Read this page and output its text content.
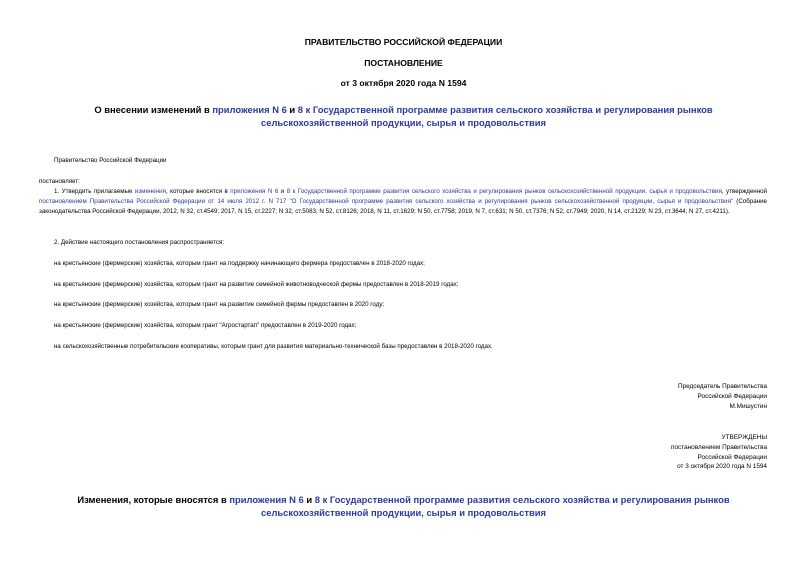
ПРАВИТЕЛЬСТВО РОССИЙСКОЙ ФЕДЕРАЦИИ
ПОСТАНОВЛЕНИЕ
от 3 октября 2020 года N 1594
О внесении изменений в приложения N 6 и 8 к Государственной программе развития сельского хозяйства и регулирования рынков сельскохозяйственной продукции, сырья и продовольствия
Правительство Российской Федерации
постановляет:
1. Утвердить прилагаемые изменения, которые вносятся в приложения N 6 и 8 к Государственной программе развития сельского хозяйства и регулирования рынков сельскохозяйственной продукции, сырья и продовольствия, утвержденной постановлением Правительства Российской Федерации от 14 июля 2012 г. N 717 "О Государственной программе развития сельского хозяйства и регулирования рынков сельскохозяйственной продукции, сырья и продовольствия" (Собрание законодательства Российской Федерации, 2012, N 32, ст.4549; 2017, N 15, ст.2227; N 32, ст.5083; N 52, ст.8126; 2018, N 11, ст.1629; N 50, ст.7758; 2019, N 7, ст.631; N 50, ст.7376; N 52, ст.7949; 2020, N 14, ст.2129; N 23, ст.3644; N 27, ст.4211).
2. Действие настоящего постановления распространяется:
на крестьянские (фермерские) хозяйства, которым грант на поддержку начинающего фермера предоставлен в 2018-2020 годах;
на крестьянские (фермерские) хозяйства, которым грант на развитие семейной животноводческой фермы предоставлен в 2018-2019 годах;
на крестьянские (фермерские) хозяйства, которым грант на развитие семейной фермы предоставлен в 2020 году;
на крестьянские (фермерские) хозяйства, которым грант "Агростартап" предоставлен в 2019-2020 годах;
на сельскохозяйственные потребительские кооперативы, которым грант для развития материально-технической базы предоставлен в 2018-2020 годах.
Председатель Правительства
Российской Федерации
М.Мишустин
УТВЕРЖДЕНЫ
постановлением Правительства
Российской Федерации
от 3 октября 2020 года N 1594
Изменения, которые вносятся в приложения N 6 и 8 к Государственной программе развития сельского хозяйства и регулирования рынков сельскохозяйственной продукции, сырья и продовольствия
